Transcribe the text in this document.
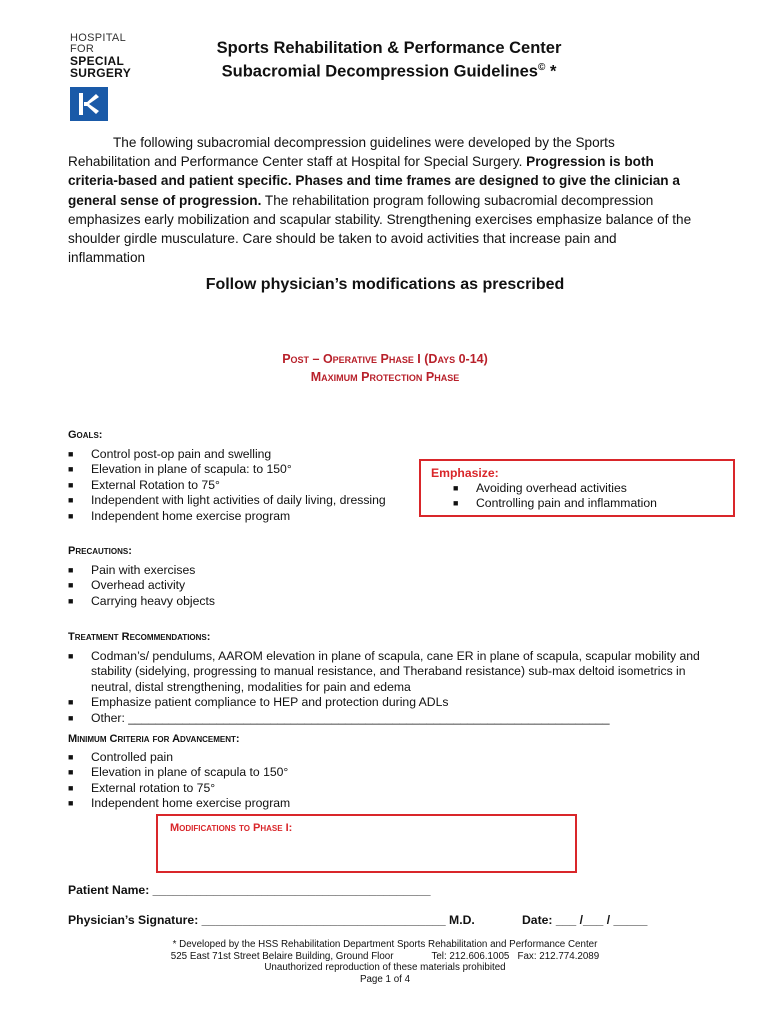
HOSPITAL
FOR
SPECIAL
SURGERY
Sports Rehabilitation & Performance Center
Subacromial Decompression Guidelines© *
The following subacromial decompression guidelines were developed by the Sports Rehabilitation and Performance Center staff at Hospital for Special Surgery. Progression is both criteria-based and patient specific. Phases and time frames are designed to give the clinician a general sense of progression. The rehabilitation program following subacromial decompression emphasizes early mobilization and scapular stability. Strengthening exercises emphasize balance of the shoulder girdle musculature. Care should be taken to avoid activities that increase pain and inflammation
Follow physician’s modifications as prescribed
Post – Operative Phase I (Days 0-14)
Maximum Protection Phase
Goals:
■ Control post-op pain and swelling
■ Elevation in plane of scapula: to 150°
■ External Rotation to 75°
■ Independent with light activities of daily living, dressing
■ Independent home exercise program
Emphasize:
■ Avoiding overhead activities
■ Controlling pain and inflammation
Precautions:
■ Pain with exercises
■ Overhead activity
■ Carrying heavy objects
Treatment Recommendations:
■ Codman’s/ pendulums, AAROM elevation in plane of scapula, cane ER in plane of scapula, scapular mobility and stability (sidelying, progressing to manual resistance, and Theraband resistance) sub-max deltoid isometrics in neutral, distal strengthening, modalities for pain and edema
■ Emphasize patient compliance to HEP and protection during ADLs
■ Other: _______________________________________________________________________
Minimum Criteria for Advancement:
■ Controlled pain
■ Elevation in plane of scapula to 150°
■ External rotation to 75°
■ Independent home exercise program
Modifications to Phase I:
Patient Name: _________________________________________
Physician’s Signature: ____________________________________ M.D.	Date: ___ /___ / _____
* Developed by the HSS Rehabilitation Department Sports Rehabilitation and Performance Center
525 East 71st Street Belaire Building, Ground Floor              Tel: 212.606.1005   Fax: 212.774.2089
Unauthorized reproduction of these materials prohibited
Page 1 of 4
